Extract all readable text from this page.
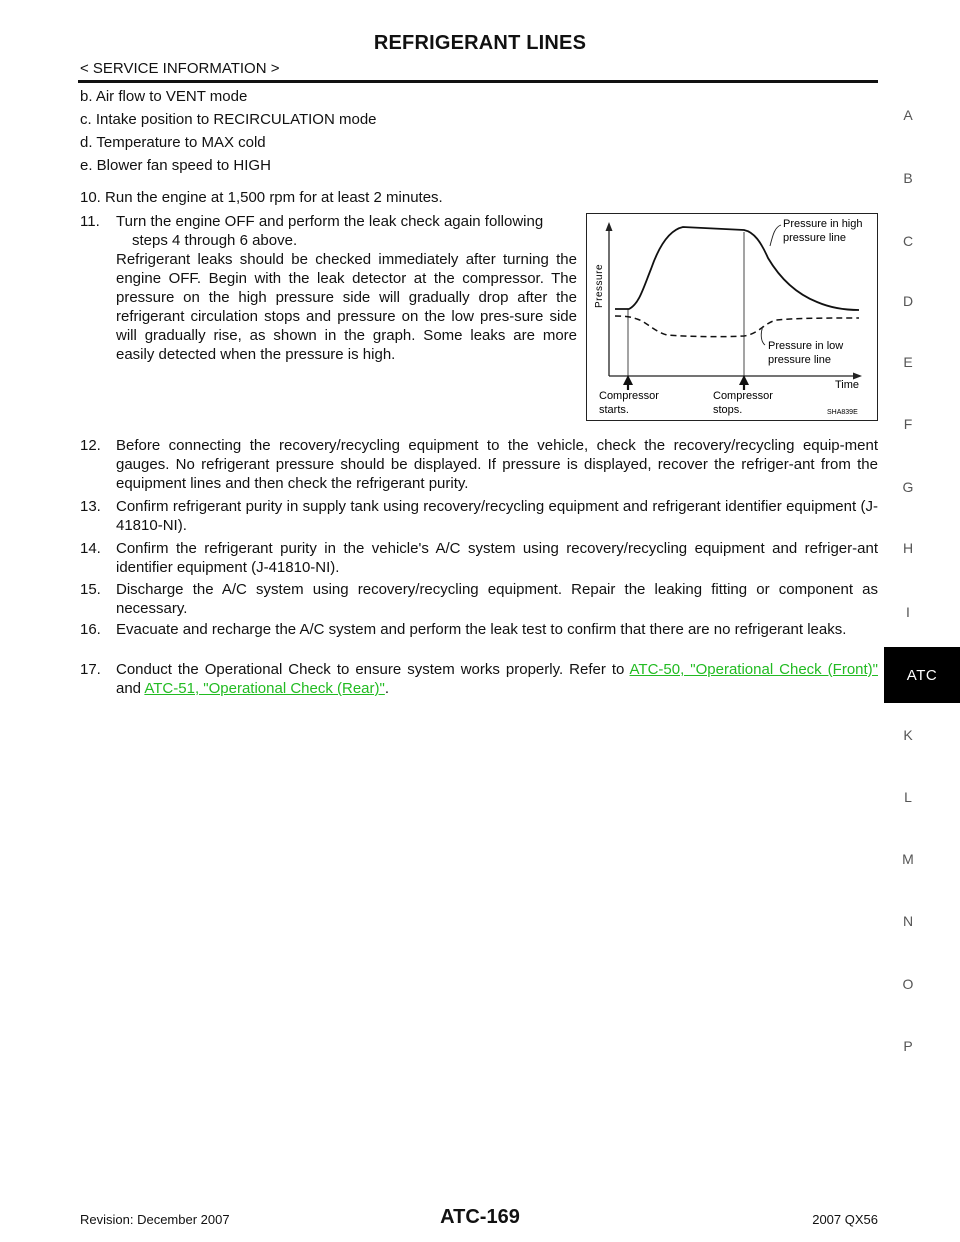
REFRIGERANT LINES
< SERVICE INFORMATION >
A
B
C
D
E
F
G
H
I
ATC
K
L
M
N
O
P
b. Air flow to VENT mode
c. Intake position to RECIRCULATION mode
d. Temperature to MAX cold
e. Blower fan speed to HIGH
10. Run the engine at 1,500 rpm for at least 2 minutes.
11. Turn the engine OFF and perform the leak check again following
steps 4 through 6 above.
Refrigerant leaks should be checked immediately after turning the engine OFF. Begin with the leak detector at the compressor. The pressure on the high pressure side will gradually drop after the refrigerant circulation stops and pressure on the low pres-sure side will gradually rise, as shown in the graph. Some leaks are more easily detected when the pressure is high.
Pressure
Time
Pressure in high
pressure line
Pressure in low
pressure line
Compressor
starts.
Compressor
stops.	SHA839E
12. Before connecting the recovery/recycling equipment to the vehicle, check the recovery/recycling equip-ment gauges. No refrigerant pressure should be displayed. If pressure is displayed, recover the refriger-ant from the equipment lines and then check the refrigerant purity.
13. Confirm refrigerant purity in supply tank using recovery/recycling equipment and refrigerant identifier equipment (J-41810-NI).
14. Confirm the refrigerant purity in the vehicle's A/C system using recovery/recycling equipment and refriger-ant identifier equipment (J-41810-NI).
15. Discharge the A/C system using recovery/recycling equipment. Repair the leaking fitting or component as necessary.
16. Evacuate and recharge the A/C system and perform the leak test to confirm that there are no refrigerant leaks.
17. Conduct the Operational Check to ensure system works properly. Refer to ATC-50, "Operational Check (Front)" and ATC-51, "Operational Check (Rear)".
Revision: December 2007	ATC-169	2007 QX56
